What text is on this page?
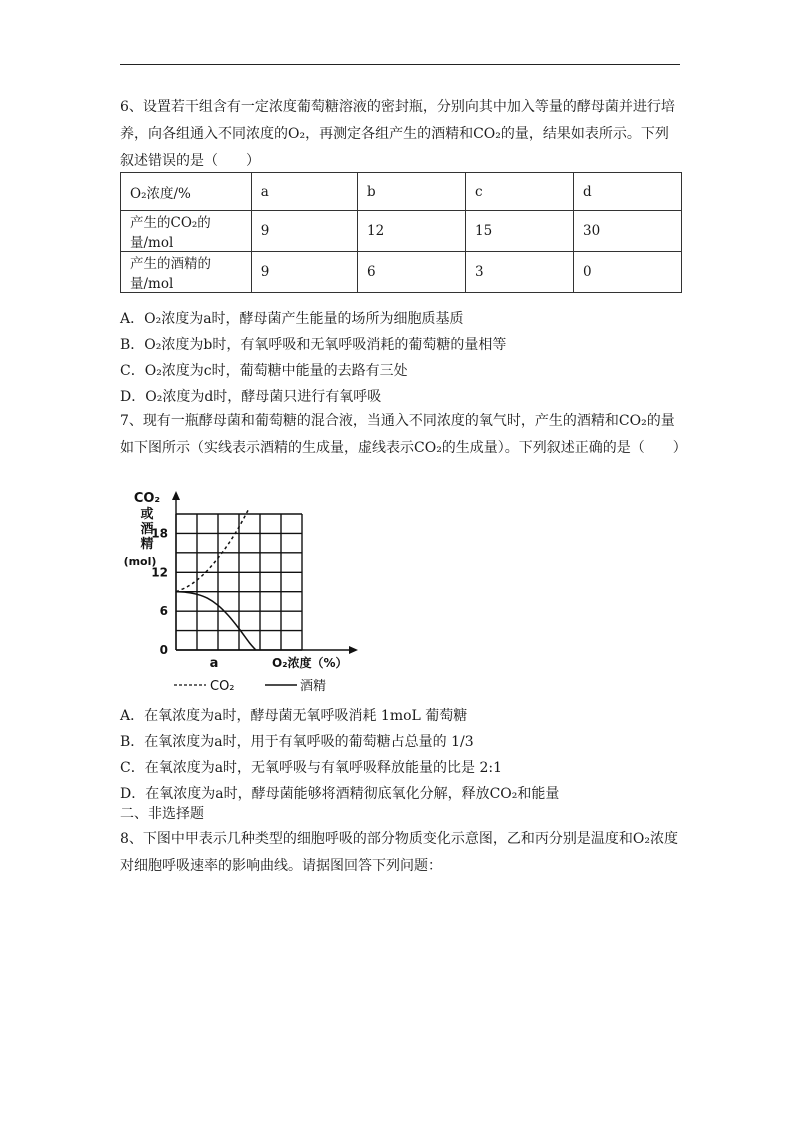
6、设置若干组含有一定浓度葡萄糖溶液的密封瓶，分别向其中加入等量的酵母菌并进行培养，向各组通入不同浓度的O₂，再测定各组产生的酒精和CO₂的量，结果如表所示。下列叙述错误的是（　　）

O₂浓度/%	a	b	c	d
产生的CO₂的量/mol	9	12	15	30
产生的酒精的量/mol	9	6	3	0
A．O₂浓度为a时，酵母菌产生能量的场所为细胞质基质
B．O₂浓度为b时，有氧呼吸和无氧呼吸消耗的葡萄糖的量相等
C．O₂浓度为c时，葡萄糖中能量的去路有三处
D．O₂浓度为d时，酵母菌只进行有氧呼吸

7、现有一瓶酵母菌和葡萄糖的混合液，当通入不同浓度的氧气时，产生的酒精和CO₂的量如下图所示（实线表示酒精的生成量，虚线表示CO₂的生成量）。下列叙述正确的是（　　）

CO₂
或
酒
精
(mol)
0
6
12
18
a	O₂浓度（%）
CO₂	酒精
A．在氧浓度为a时，酵母菌无氧呼吸消耗 1moL 葡萄糖
B．在氧浓度为a时，用于有氧呼吸的葡萄糖占总量的 1/3
C．在氧浓度为a时，无氧呼吸与有氧呼吸释放能量的比是 2:1
D．在氧浓度为a时，酵母菌能够将酒精彻底氧化分解，释放CO₂和能量
二、非选择题

8、下图中甲表示几种类型的细胞呼吸的部分物质变化示意图，乙和丙分别是温度和O₂浓度对细胞呼吸速率的影响曲线。请据图回答下列问题：
